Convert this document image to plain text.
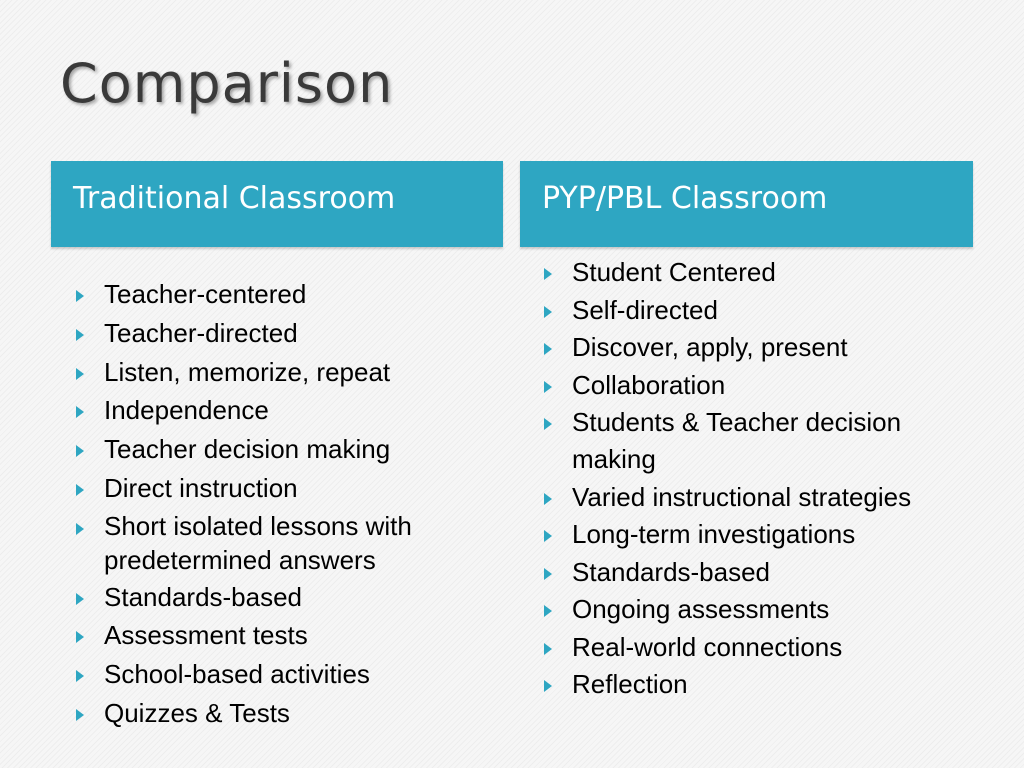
Comparison
Traditional Classroom	PYP/PBL Classroom
Teacher-centered
Teacher-directed
Listen, memorize, repeat
Independence
Teacher decision making
Direct instruction
Short isolated lessons with predetermined answers
Standards-based
Assessment tests
School-based activities
Quizzes & Tests
Student Centered
Self-directed
Discover, apply, present
Collaboration
Students & Teacher decision making
Varied instructional strategies
Long-term investigations
Standards-based
Ongoing assessments
Real-world connections
Reflection
